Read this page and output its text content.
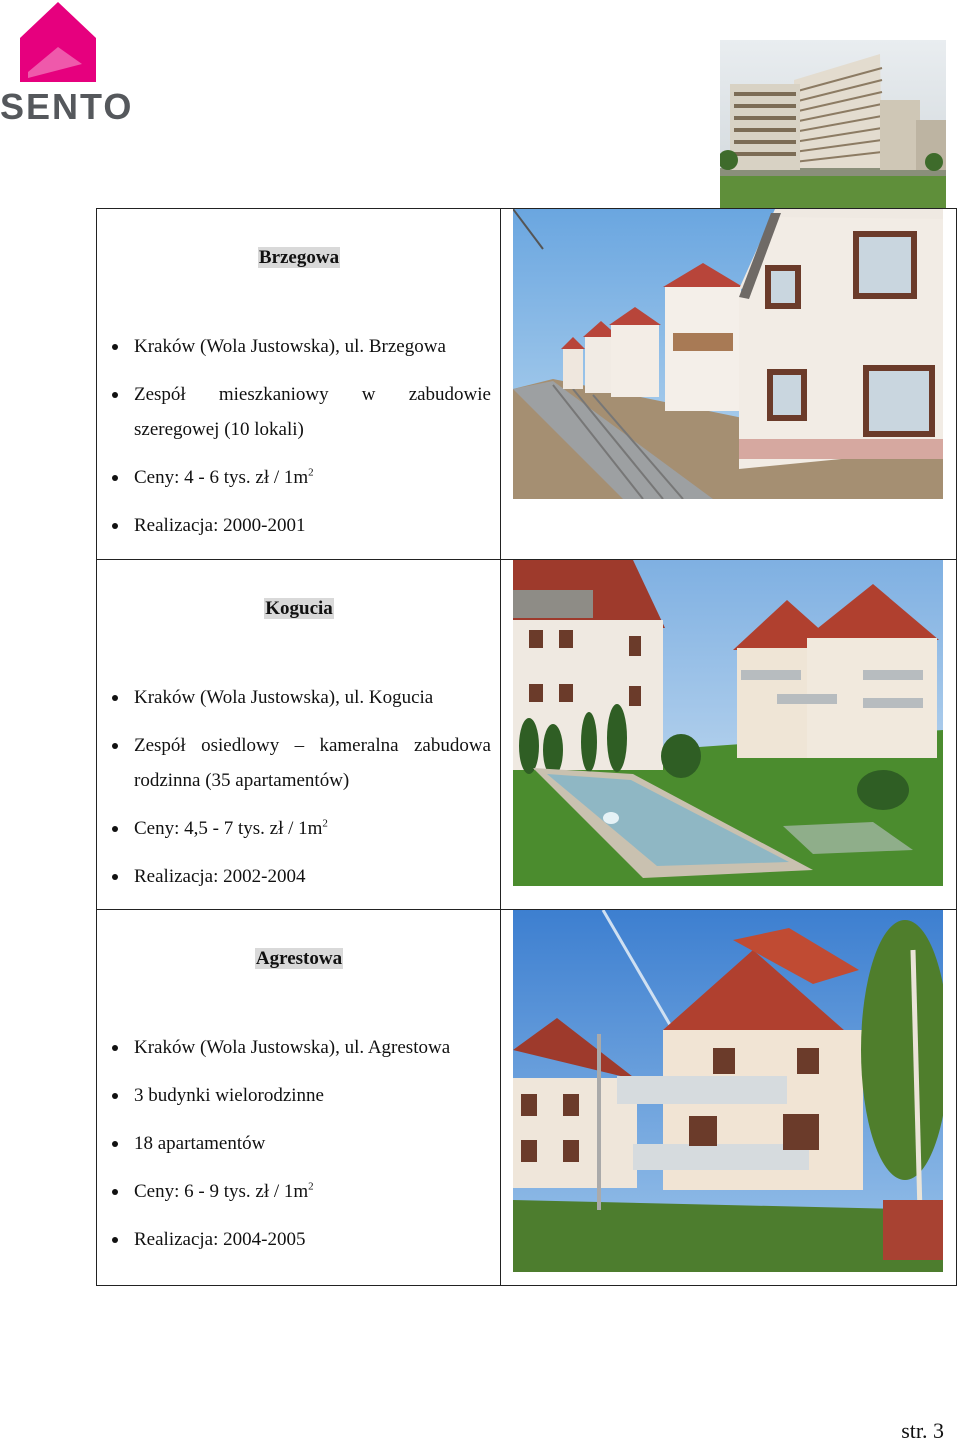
SENTO
Brzegowa
Kraków (Wola Justowska), ul. Brzegowa
Zespół mieszkaniowy w zabudowie
szeregowej (10 lokali)
Ceny: 4 - 6 tys. zł / $1m^2$
Realizacja: 2000-2001
Kogucia
Kraków (Wola Justowska), ul. Kogucia
Zespół osiedlowy – kameralna zabudowa
rodzinna (35 apartamentów)
Ceny: 4,5 - 7 tys. zł / $1m^2$
Realizacja: 2002-2004
Agrestowa
Kraków (Wola Justowska), ul. Agrestowa
3 budynki wielorodzinne
18 apartamentów
Ceny: 6 - 9 tys. zł / $1m^2$
Realizacja: 2004-2005
str. 3
